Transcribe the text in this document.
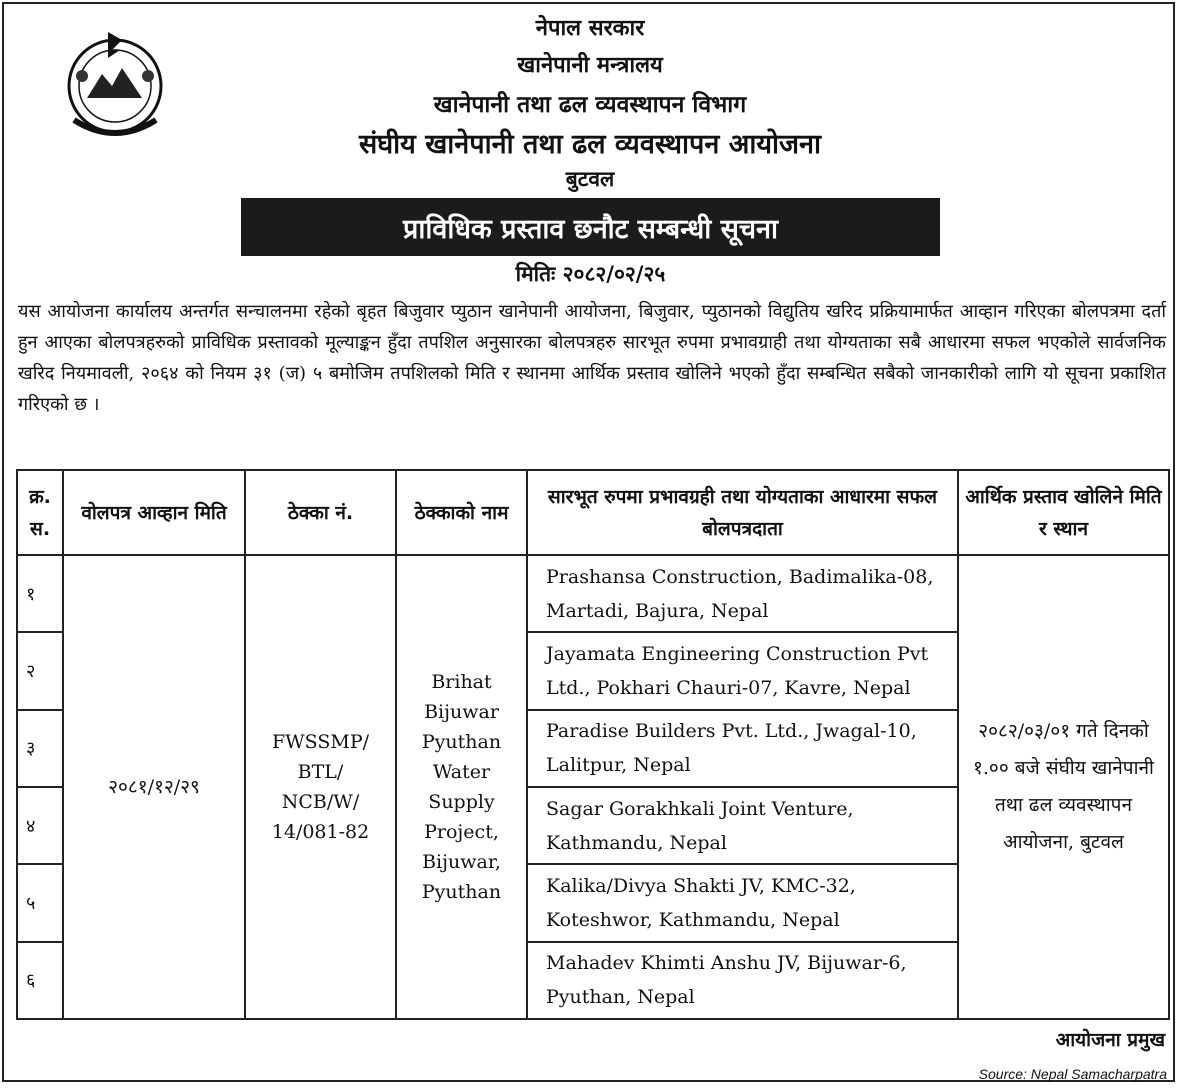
नेपाल सरकार
खानेपानी मन्त्रालय
खानेपानी तथा ढल व्यवस्थापन विभाग
संघीय खानेपानी तथा ढल व्यवस्थापन आयोजना
बुटवल
प्राविधिक प्रस्ताव छनौट सम्बन्धी सूचना
मितिः २०८२/०२/२५
यस आयोजना कार्यालय अन्तर्गत सन्चालनमा रहेको बृहत बिजुवार प्युठान खानेपानी आयोजना, बिजुवार, प्युठानको विद्युतिय खरिद प्रक्रियामार्फत आव्हान गरिएका बोलपत्रमा दर्ता हुन आएका बोलपत्रहरुको प्राविधिक प्रस्तावको मूल्याङ्कन हुँदा तपशिल अनुसारका बोलपत्रहरु सारभूत रुपमा प्रभावग्राही तथा योग्यताका सबै आधारमा सफल भएकोले सार्वजनिक खरिद नियमावली, २०६४ को नियम ३१ (ज) ५ बमोजिम तपशिलको मिति र स्थानमा आर्थिक प्रस्ताव खोलिने भएको हुँदा सम्बन्धित सबैको जानकारीको लागि यो सूचना प्रकाशित गरिएको छ ।
क्र. स.	वोलपत्र आव्हान मिति	ठेक्का नं.	ठेक्काको नाम	सारभूत रुपमा प्रभावग्रही तथा योग्यताका आधारमा सफल बोलपत्रदाता	आर्थिक प्रस्ताव खोलिने मिति र स्थान
१	२०८१/१२/२९	FWSSMP/ BTL/ NCB/W/ 14/081-82	Brihat Bijuwar Pyuthan Water Supply Project, Bijuwar, Pyuthan	Prashansa Construction, Badimalika-08, Martadi, Bajura, Nepal	२०८२/०३/०१ गते दिनको १.०० बजे संघीय खानेपानी तथा ढल व्यवस्थापन आयोजना, बुटवल
२				Jayamata Engineering Construction Pvt Ltd., Pokhari Chauri-07, Kavre, Nepal	
३				Paradise Builders Pvt. Ltd., Jwagal-10, Lalitpur, Nepal	
४				Sagar Gorakhkali Joint Venture, Kathmandu, Nepal	
५				Kalika/Divya Shakti JV, KMC-32, Koteshwor, Kathmandu, Nepal	
६				Mahadev Khimti Anshu JV, Bijuwar-6, Pyuthan, Nepal	
आयोजना प्रमुख
Source: Nepal Samacharpatra
